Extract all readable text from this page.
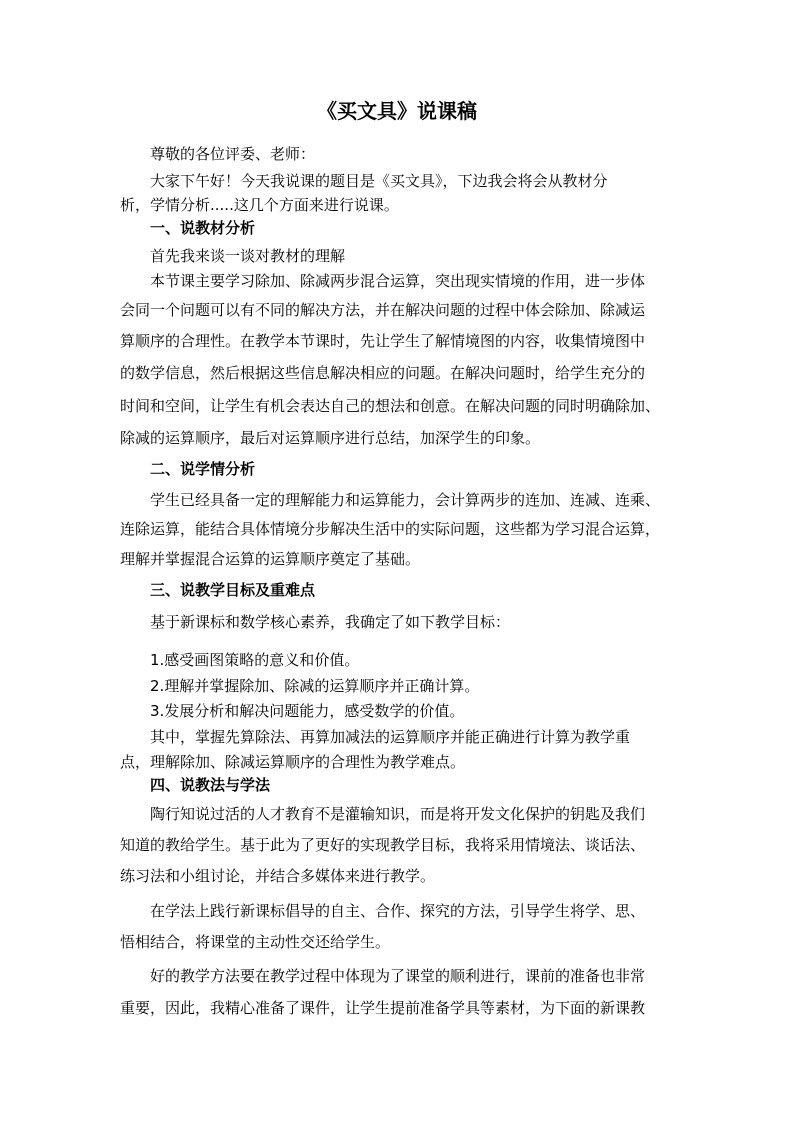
《买文具》说课稿
尊敬的各位评委、老师：
大家下午好！今天我说课的题目是《买文具》，下边我会将会从教材分
析，学情分析.....这几个方面来进行说课。
一、说教材分析
首先我来谈一谈对教材的理解
本节课主要学习除加、除减两步混合运算，突出现实情境的作用，进一步体
会同一个问题可以有不同的解决方法，并在解决问题的过程中体会除加、除减运
算顺序的合理性。在教学本节课时，先让学生了解情境图的内容，收集情境图中
的数学信息，然后根据这些信息解决相应的问题。在解决问题时，给学生充分的
时间和空间，让学生有机会表达自己的想法和创意。在解决问题的同时明确除加、
除减的运算顺序，最后对运算顺序进行总结，加深学生的印象。
二、说学情分析
学生已经具备一定的理解能力和运算能力，会计算两步的连加、连减、连乘、
连除运算，能结合具体情境分步解决生活中的实际问题，这些都为学习混合运算，
理解并掌握混合运算的运算顺序奠定了基础。
三、说教学目标及重难点
基于新课标和数学核心素养，我确定了如下教学目标：
1.感受画图策略的意义和价值。
2.理解并掌握除加、除减的运算顺序并正确计算。
3.发展分析和解决问题能力，感受数学的价值。
其中，掌握先算除法、再算加减法的运算顺序并能正确进行计算为教学重
点，理解除加、除减运算顺序的合理性为教学难点。
四、说教法与学法
陶行知说过活的人才教育不是灌输知识，而是将开发文化保护的钥匙及我们
知道的教给学生。基于此为了更好的实现教学目标，我将采用情境法、谈话法、
练习法和小组讨论，并结合多媒体来进行教学。
在学法上践行新课标倡导的自主、合作、探究的方法，引导学生将学、思、
悟相结合，将课堂的主动性交还给学生。
好的教学方法要在教学过程中体现为了课堂的顺利进行，课前的准备也非常
重要，因此，我精心准备了课件，让学生提前准备学具等素材，为下面的新课教
